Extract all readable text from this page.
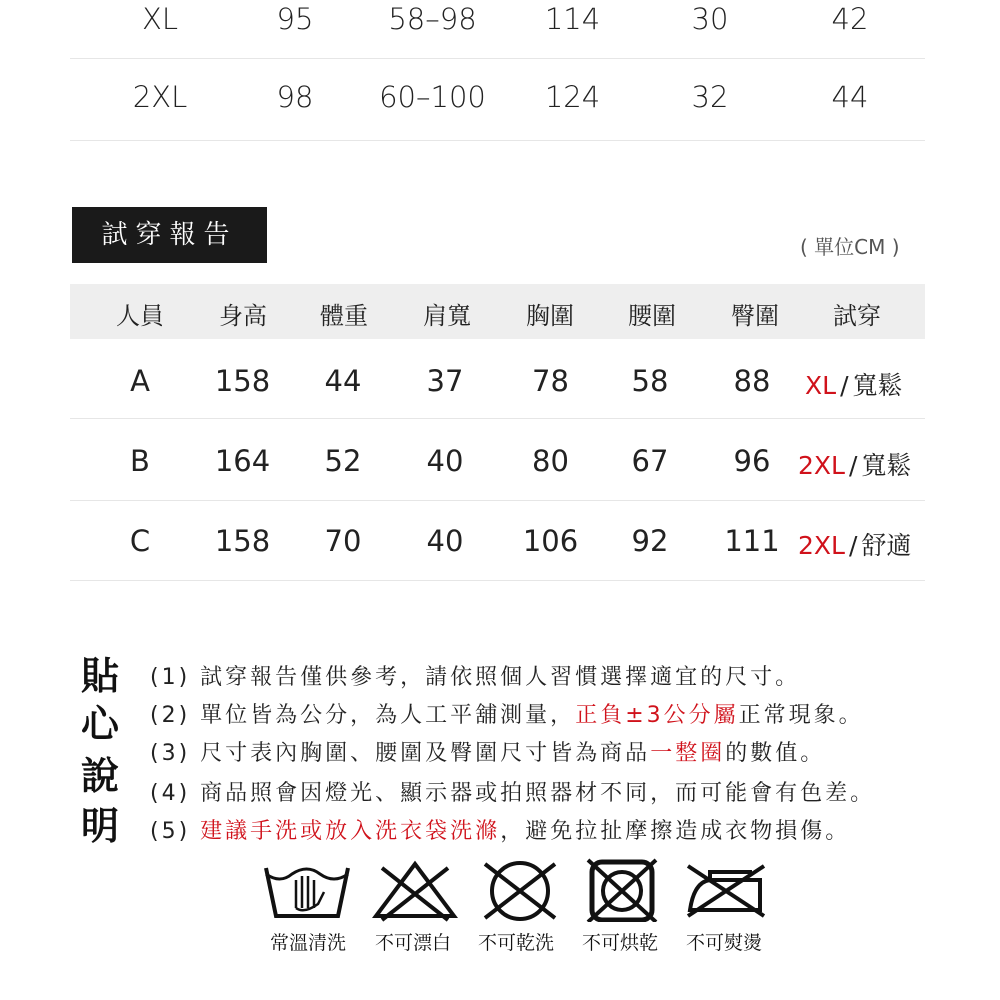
XL	95	58–98	114	30	42
2XL	98	60–100	124	32	44
試穿報告	( 單位CM )
人員	身高	體重	肩寬	胸圍	腰圍	臀圍	試穿
A	158	44	37	78	58	88	XL / 寬鬆
B	164	52	40	80	67	96	2XL / 寬鬆
C	158	70	40	106	92	111 2XL / 舒適
貼
心
說
明
(1) 試穿報告僅供參考，請依照個人習慣選擇適宜的尺寸。
(2) 單位皆為公分，為人工平舖測量，正負±3公分屬正常現象。
(3) 尺寸表內胸圍、腰圍及臀圍尺寸皆為商品一整圈的數值。
(4) 商品照會因燈光、顯示器或拍照器材不同，而可能會有色差。
(5) 建議手洗或放入洗衣袋洗滌，避免拉扯摩擦造成衣物損傷。
常溫清洗	不可漂白	不可乾洗	不可烘乾	不可熨燙
